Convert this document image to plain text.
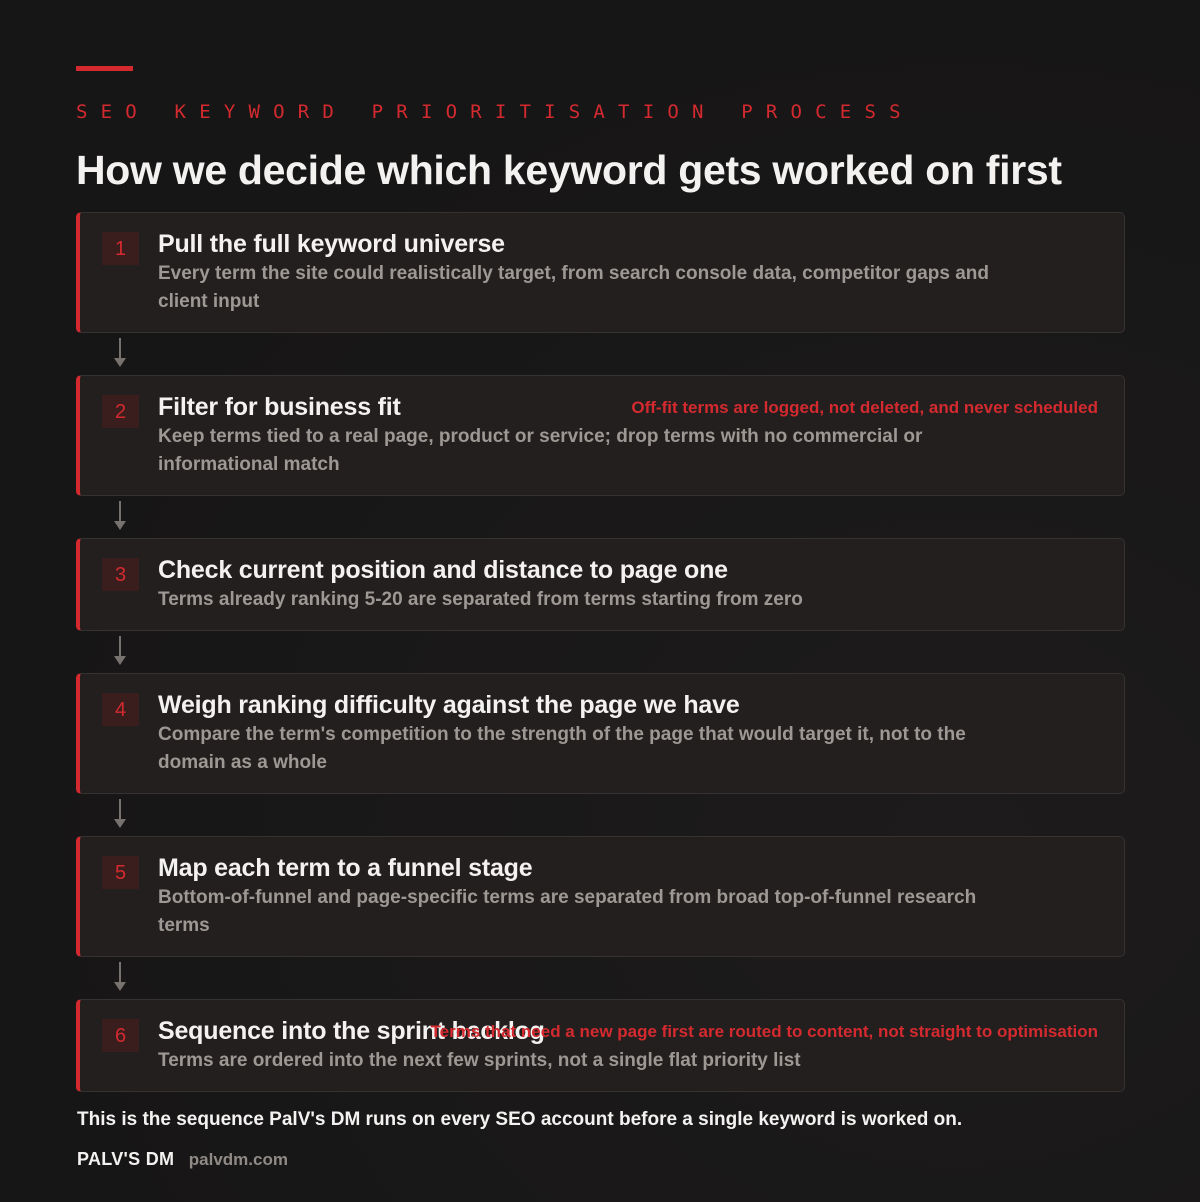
SEO KEYWORD PRIORITISATION PROCESS
How we decide which keyword gets worked on first
1	Pull the full keyword universe
Every term the site could realistically target, from search console data, competitor gaps and client input
2	Filter for business fit
Keep terms tied to a real page, product or service; drop terms with no commercial or informational match
Off-fit terms are logged, not deleted, and never scheduled
3	Check current position and distance to page one
Terms already ranking 5-20 are separated from terms starting from zero
4	Weigh ranking difficulty against the page we have
Compare the term's competition to the strength of the page that would target it, not to the domain as a whole
5	Map each term to a funnel stage
Bottom-of-funnel and page-specific terms are separated from broad top-of-funnel research terms
6	Sequence into the sprint backlog
Terms are ordered into the next few sprints, not a single flat priority list
Terms that need a new page first are routed to content, not straight to optimisation
This is the sequence PalV's DM runs on every SEO account before a single keyword is worked on.
PALV'S DM palvdm.com
